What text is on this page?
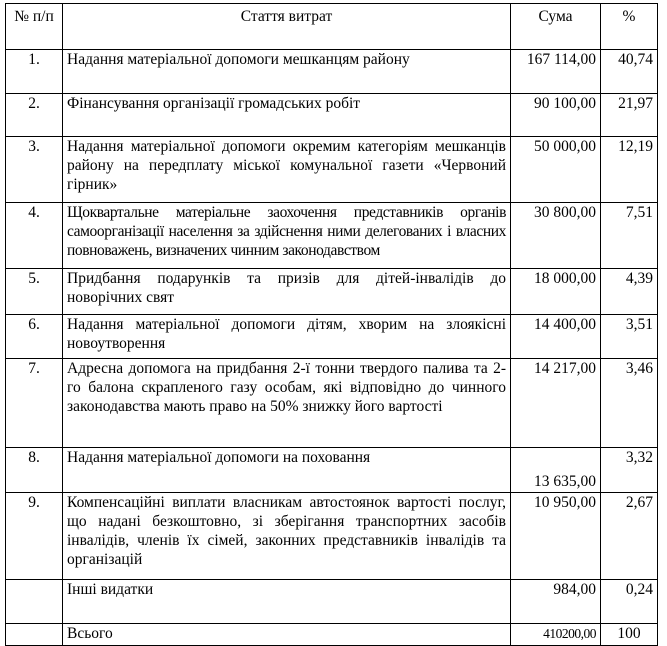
№ п/п	Стаття витрат	Сума	%
1.	Надання матеріальної допомоги мешканцям району	167 114,00	40,74
2.	Фінансування організації громадських робіт	90 100,00	21,97
3.	Надання матеріальної допомоги окремим категоріям мешканців району на передплату міської комунальної газети «Червоний гірник»	50 000,00	12,19
4.	Щоквартальне матеріальне заохочення представників органів самоорганізації населення за здійснення ними делегованих і власних повноважень, визначених чинним законодавством	30 800,00	7,51
5.	Придбання подарунків та призів для дітей-інвалідів до новорічних свят	18 000,00	4,39
6.	Надання матеріальної допомоги дітям, хворим на злоякісні новоутворення	14 400,00	3,51
7.	Адресна допомога на придбання 2-ї тонни твердого палива та 2-го балона скрапленого газу особам, які відповідно до чинного законодавства мають право на 50% знижку його вартості	14 217,00	3,46
8.	Надання матеріальної допомоги на поховання	13 635,00	3,32
9.	Компенсаційні виплати власникам автостоянок вартості послуг, що надані безкоштовно, зі зберігання транспортних засобів інвалідів, членів їх сімей, законних представників інвалідів та організацій	10 950,00	2,67
	Інші видатки	984,00	0,24
	Всього	410200,00	100
